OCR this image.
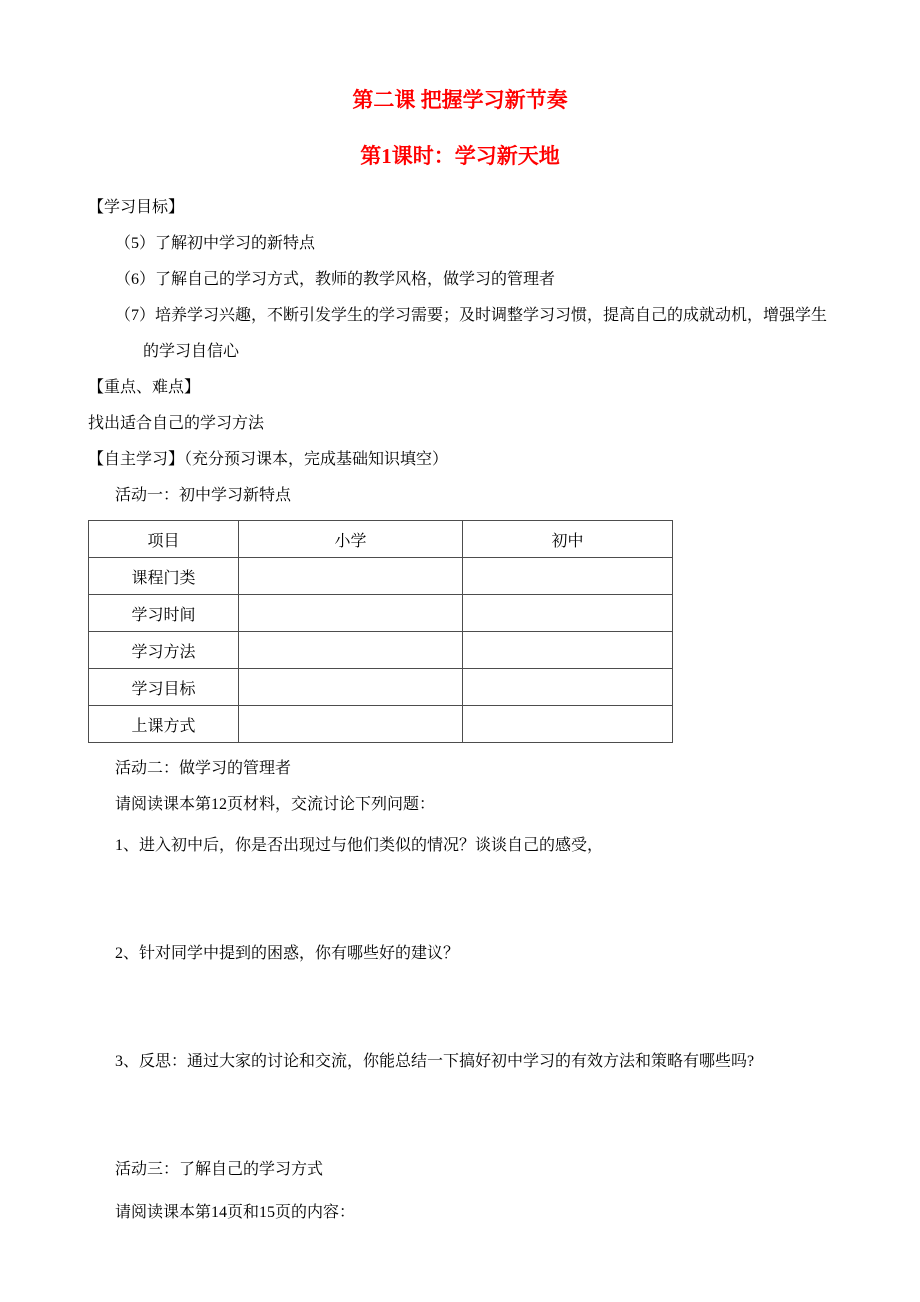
第二课 把握学习新节奏
第1课时：学习新天地
【学习目标】
（5）了解初中学习的新特点
（6）了解自己的学习方式，教师的教学风格，做学习的管理者
（7）培养学习兴趣，不断引发学生的学习需要；及时调整学习习惯，提高自己的成就动机，增强学生的学习自信心
【重点、难点】
找出适合自己的学习方法
【自主学习】（充分预习课本，完成基础知识填空）
活动一：初中学习新特点
项目	小学	初中
课程门类		
学习时间		
学习方法		
学习目标		
上课方式		
活动二：做学习的管理者
请阅读课本第12页材料，交流讨论下列问题：
1、进入初中后，你是否出现过与他们类似的情况？谈谈自己的感受，
2、针对同学中提到的困惑，你有哪些好的建议？
3、反思：通过大家的讨论和交流，你能总结一下搞好初中学习的有效方法和策略有哪些吗?
活动三：了解自己的学习方式
请阅读课本第14页和15页的内容：
